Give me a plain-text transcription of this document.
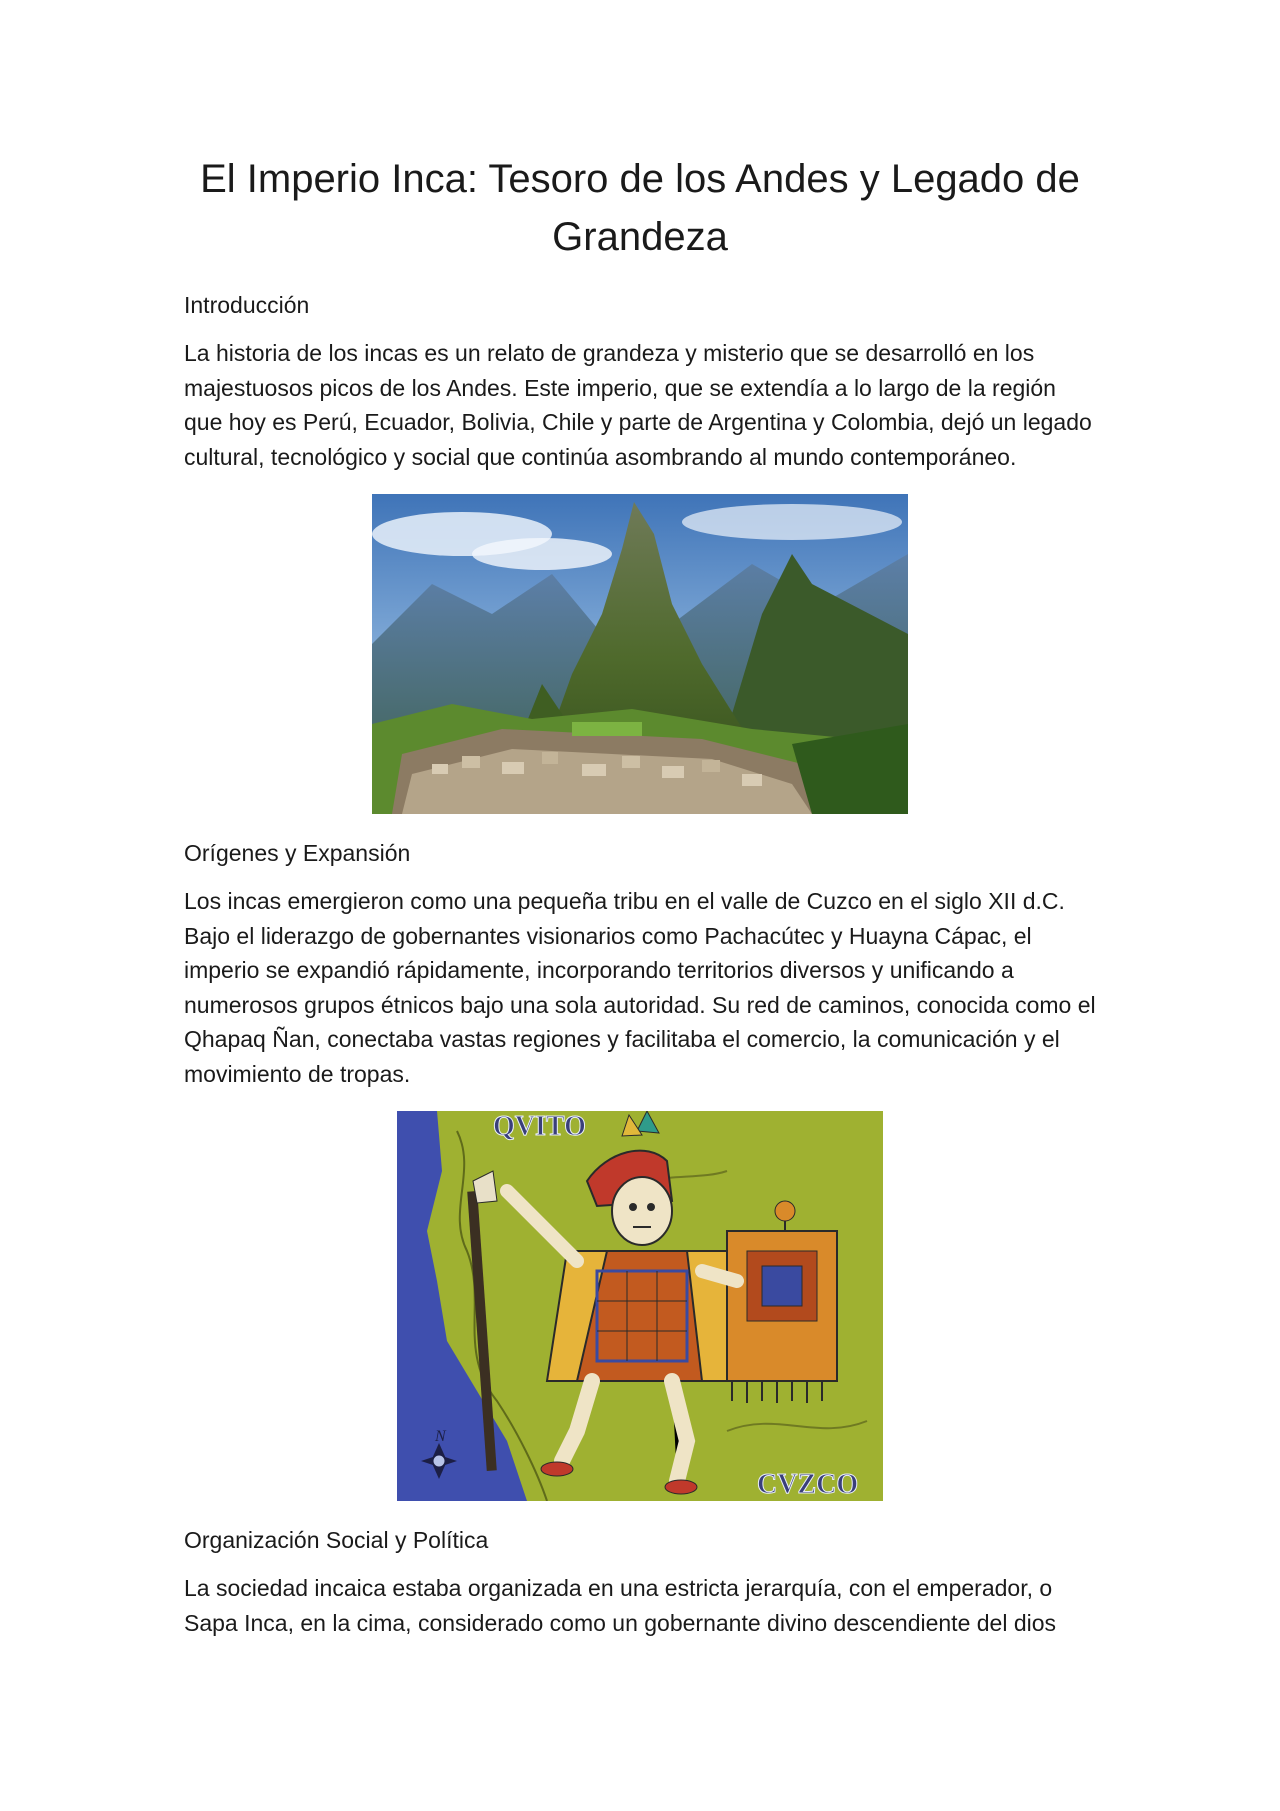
El Imperio Inca: Tesoro de los Andes y Legado de Grandeza
Introducción

La historia de los incas es un relato de grandeza y misterio que se desarrolló en los majestuosos picos de los Andes. Este imperio, que se extendía a lo largo de la región que hoy es Perú, Ecuador, Bolivia, Chile y parte de Argentina y Colombia, dejó un legado cultural, tecnológico y social que continúa asombrando al mundo contemporáneo.

Orígenes y Expansión

Los incas emergieron como una pequeña tribu en el valle de Cuzco en el siglo XII d.C. Bajo el liderazgo de gobernantes visionarios como Pachacútec y Huayna Cápac, el imperio se expandió rápidamente, incorporando territorios diversos y unificando a numerosos grupos étnicos bajo una sola autoridad. Su red de caminos, conocida como el Qhapaq Ñan, conectaba vastas regiones y facilitaba el comercio, la comunicación y el movimiento de tropas.

QVITO
CVZCO
N
Organización Social y Política

La sociedad incaica estaba organizada en una estricta jerarquía, con el emperador, o Sapa Inca, en la cima, considerado como un gobernante divino descendiente del dios
